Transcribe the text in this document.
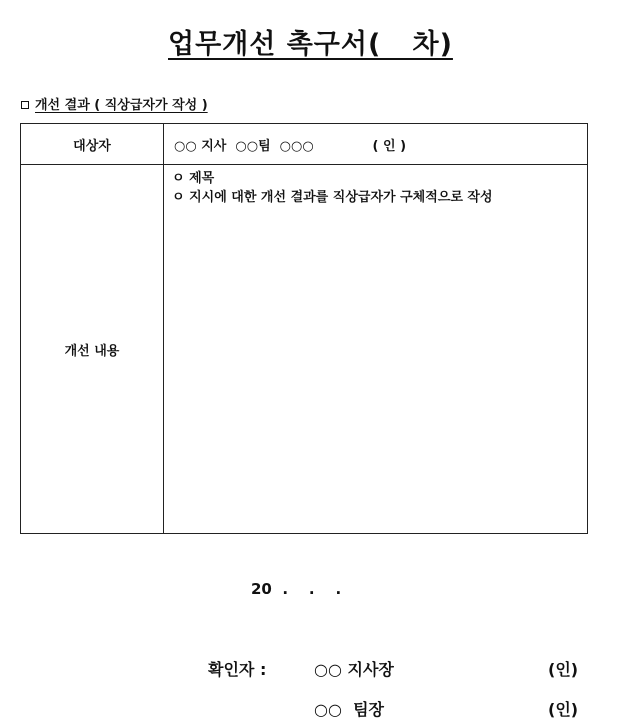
업무개선 촉구서(   차)
개선 결과 ( 직상급자가 작성 )
대상자	○○ 지사  ○○팀  ○○○             ( 인 )
개선 내용	ㅇ 제목
ㅇ 지시에 대한 개선 결과를 직상급자가 구체적으로 작성
20  .    .    .
확인자 :	○○ 지사장	(인)
○○  팀장	(인)
